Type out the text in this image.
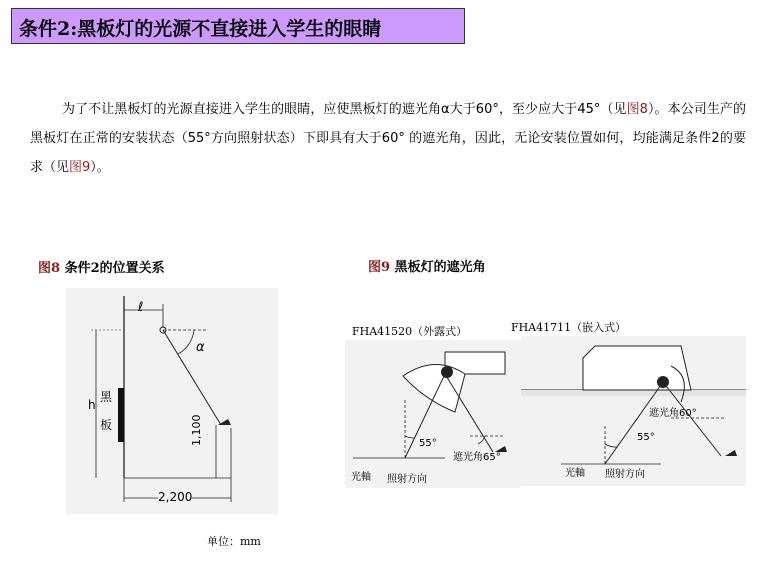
条件2:黑板灯的光源不直接进入学生的眼睛
为了不让黑板灯的光源直接进入学生的眼睛，应使黑板灯的遮光角α大于60°，至少应大于45°（见图8）。本公司生产的黑板灯在正常的安装状态（55°方向照射状态）下即具有大于60° 的遮光角，因此，无论安装位置如何，均能满足条件2的要求（见图9）。
图8 条件2的位置关系	图9 黑板灯的遮光角
ℓ
α
h
黑
板	1,100
2,200
单位：mm
FHA41520（外露式）	FHA41711（嵌入式）
55°
遮光角65°
光軸 照射方向
遮光角60°
55°
光軸 照射方向
